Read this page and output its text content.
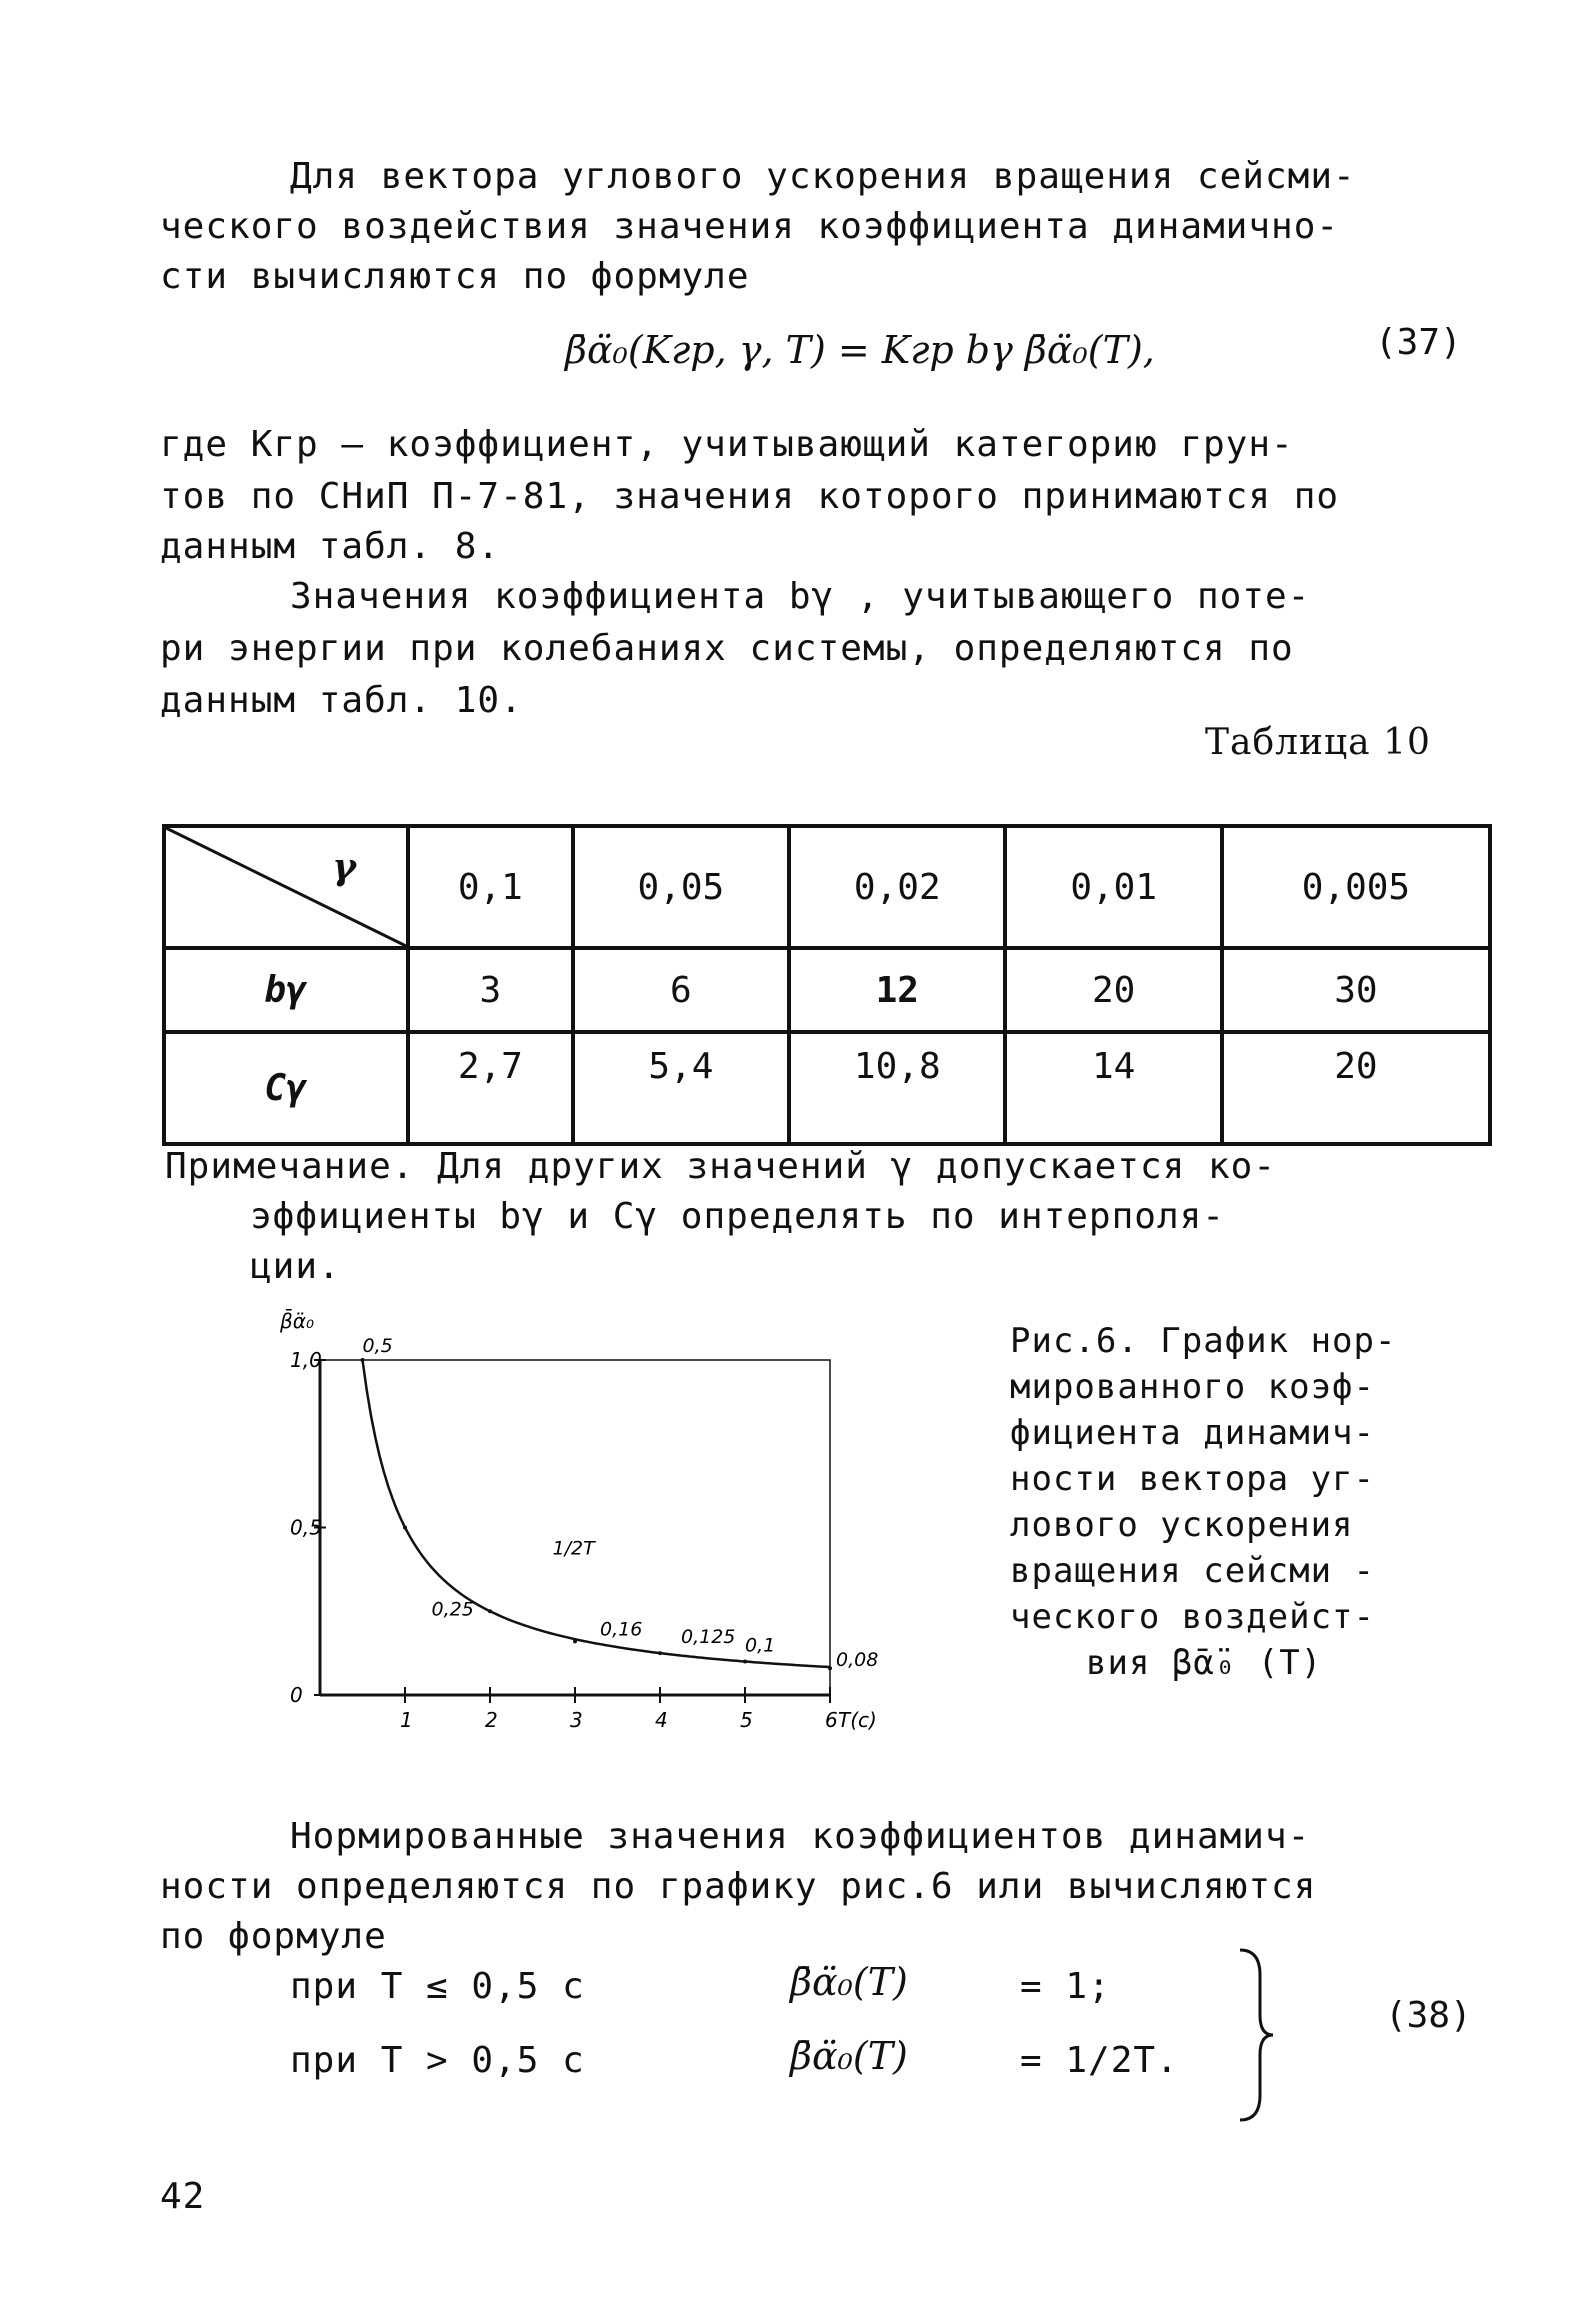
Для вектора углового ускорения вращения сейсми-
ческого воздействия значения коэффициента динамично-
сти вычисляются по формуле
β̄α̈₀(Kгр, γ, T) = Kгр bγ β̄α̈₀(T),	(37)
где Kгр – коэффициент, учитывающий категорию грун-
тов по СНиП П-7-81, значения которого принимаются по
данным табл. 8.
Значения коэффициента bγ , учитывающего поте-
ри энергии при колебаниях системы, определяются по
данным табл. 10.
Таблица 10
γ	0,1	0,05	0,02	0,01	0,005
bγ	3	6	12	20	30
Cγ	2,7	5,4	10,8	14	20
Примечание. Для других значений γ допускается ко-
эффициенты bγ и Cγ определять по интерполя-
ции.
β̄α̈₀
T(c)
1,0
0,5
0
1	2	3	4	5	6
0,5
0,25
1/2T
0,16 0,125 0,1
0,08
Рис.6. График нор-
мированного коэф-
фициента динамич-
ности вектора уг-
лового ускорения
вращения сейсми -
ческого воздейст-
вия β̄α̈₀ (T)
Нормированные значения коэффициентов динамич-
ности определяются по графику рис.6 или вычисляются
по формуле
при T ≤ 0,5 с	β̄α̈₀(T)	= 1;
при T > 0,5 с	β̄α̈₀(T)	= 1/2T.
(38)
42
